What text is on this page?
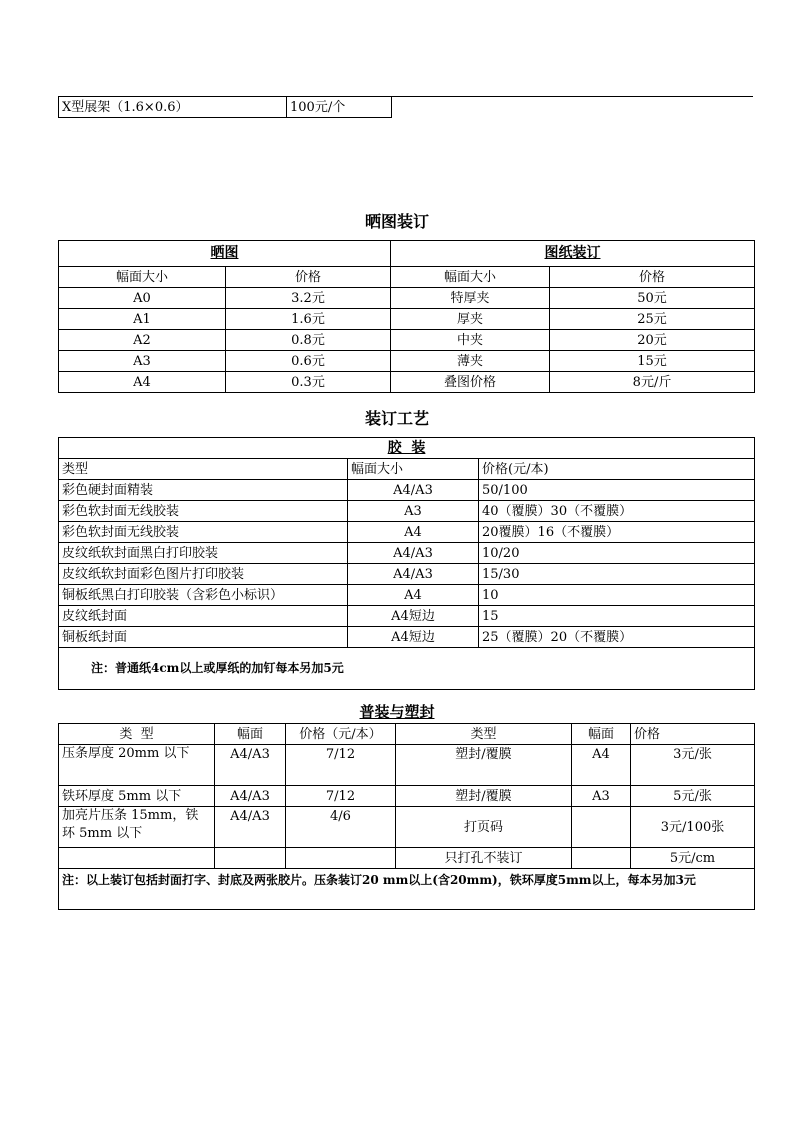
X型展架（1.6×0.6）	100元/个
晒图装订
晒图		图纸装订	
幅面大小	价格	幅面大小	价格
A0	3.2元	特厚夹	50元
A1	1.6元	厚夹	25元
A2	0.8元	中夹	20元
A3	0.6元	薄夹	15元
A4	0.3元	叠图价格	8元/斤
装订工艺
胶  装		
类型	幅面大小	价格(元/本)
彩色硬封面精装	A4/A3	50/100
彩色软封面无线胶装	A3	40（覆膜）30（不覆膜）
彩色软封面无线胶装	A4	20覆膜）16（不覆膜）
皮纹纸软封面黑白打印胶装	A4/A3	10/20
皮纹纸软封面彩色图片打印胶装	A4/A3	15/30
铜板纸黑白打印胶装（含彩色小标识）	A4	10
皮纹纸封面	A4短边	15
铜板纸封面	A4短边	25（覆膜）20（不覆膜）
注：普通纸4cm以上或厚纸的加钉每本另加5元		
普装与塑封
类  型	幅面	价格（元/本）	类型	幅面	价格
压条厚度 20mm 以下	A4/A3	7/12	塑封/覆膜	A4	3元/张
铁环厚度 5mm 以下	A4/A3	7/12	塑封/覆膜	A3	5元/张
加亮片压条 15mm，铁环 5mm 以下	A4/A3	4/6	打页码		3元/100张
			只打孔不装订		5元/cm
注：以上装订包括封面打字、封底及两张胶片。压条装订20 mm以上(含20mm)，铁环厚度5mm以上，每本另加3元					
